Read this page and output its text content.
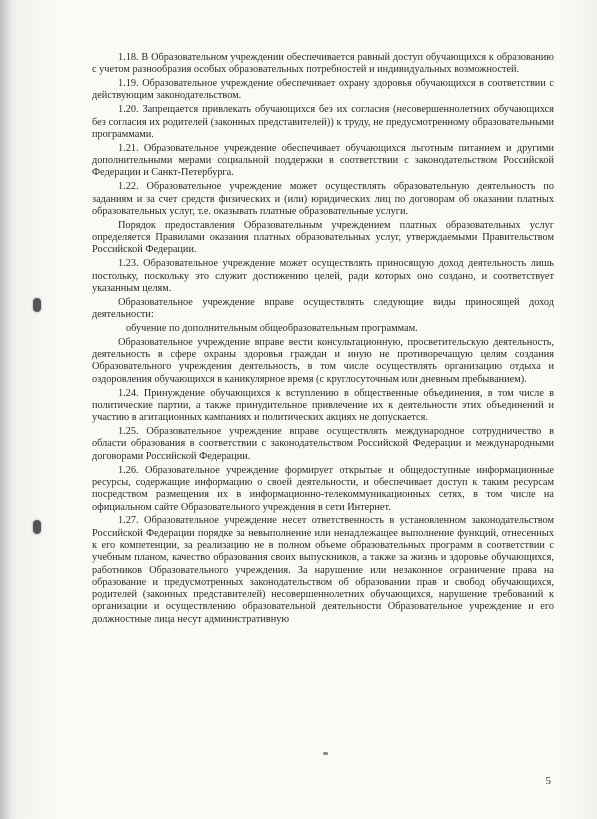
1.18. В Образовательном учреждении обеспечивается равный доступ обучающихся к образованию с учетом разнообразия особых образовательных потребностей и индивидуальных возможностей.

1.19. Образовательное учреждение обеспечивает охрану здоровья обучающихся в соответствии с действующим законодательством.

1.20. Запрещается привлекать обучающихся без их согласия (несовершеннолетних обучающихся без согласия их родителей (законных представителей)) к труду, не предусмотренному образовательными программами.

1.21. Образовательное учреждение обеспечивает обучающихся льготным питанием и другими дополнительными мерами социальной поддержки в соответствии с законодательством Российской Федерации и Санкт-Петербурга.

1.22. Образовательное учреждение может осуществлять образовательную деятельность по заданиям и за счет средств физических и (или) юридических лиц по договорам об оказании платных образовательных услуг, т.е. оказывать платные образовательные услуги.

Порядок предоставления Образовательным учреждением платных образовательных услуг определяется Правилами оказания платных образовательных услуг, утверждаемыми Правительством Российской Федерации.

1.23. Образовательное учреждение может осуществлять приносящую доход деятельность лишь постольку, поскольку это служит достижению целей, ради которых оно создано, и соответствует указанным целям.

Образовательное учреждение вправе осуществлять следующие виды приносящей доход деятельности:

обучение по дополнительным общеобразовательным программам.

Образовательное учреждение вправе вести консультационную, просветительскую деятельность, деятельность в сфере охраны здоровья граждан и иную не противоречащую целям создания Образовательного учреждения деятельность, в том числе осуществлять организацию отдыха и оздоровления обучающихся в каникулярное время (с круглосуточным или дневным пребыванием).

1.24. Принуждение обучающихся к вступлению в общественные объединения, в том числе в политические партии, а также принудительное привлечение их к деятельности этих объединений и участию в агитационных кампаниях и политических акциях не допускается.

1.25. Образовательное учреждение вправе осуществлять международное сотрудничество в области образования в соответствии с законодательством Российской Федерации и международными договорами Российской Федерации.

1.26. Образовательное учреждение формирует открытые и общедоступные информационные ресурсы, содержащие информацию о своей деятельности, и обеспечивает доступ к таким ресурсам посредством размещения их в информационно-телекоммуникационных сетях, в том числе на официальном сайте Образовательного учреждения в сети Интернет.

1.27. Образовательное учреждение несет ответственность в установленном законодательством Российской Федерации порядке за невыполнение или ненадлежащее выполнение функций, отнесенных к его компетенции, за реализацию не в полном объеме образовательных программ в соответствии с учебным планом, качество образования своих выпускников, а также за жизнь и здоровье обучающихся, работников Образовательного учреждения. За нарушение или незаконное ограничение права на образование и предусмотренных законодательством об образовании прав и свобод обучающихся, родителей (законных представителей) несовершеннолетних обучающихся, нарушение требований к организации и осуществлению образовательной деятельности Образовательное учреждение и его должностные лица несут административную

5
